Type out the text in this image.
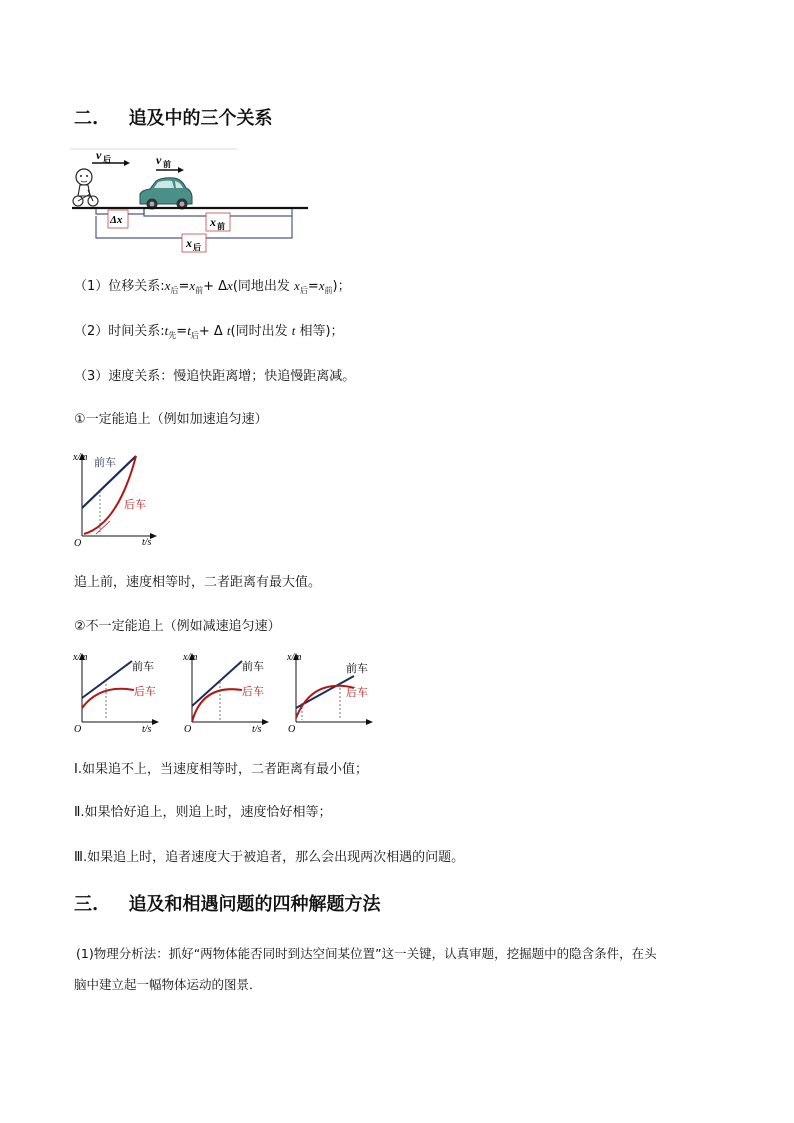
二. 追及中的三个关系
v 后	v 前
Δx	x 前
x 后
（1）位移关系$:x_后=x_前+ \Delta x$(同地出发 $x_后=x_前$)；
（2）时间关系$:t_先=t_后+ \Delta$ t(同时出发 t 相等)；
（3）速度关系：慢追快距离增；快追慢距离减。
①一定能追上（例如加速追匀速）
x/m
t/s
O
前车
后车
追上前，速度相等时，二者距离有最大值。
②不一定能追上（例如减速追匀速）
x/m
t/s
O
前车
后车
x/m
t/s
O
前车
后车
x/m
O
前车
后车
Ⅰ.如果追不上，当速度相等时，二者距离有最小值；
Ⅱ.如果恰好追上，则追上时，速度恰好相等；
Ⅲ.如果追上时，追者速度大于被追者，那么会出现两次相遇的问题。
三. 追及和相遇问题的四种解题方法
(1)物理分析法：抓好“两物体能否同时到达空间某位置”这一关键，认真审题，挖掘题中的隐含条件，在头
脑中建立起一幅物体运动的图景．
